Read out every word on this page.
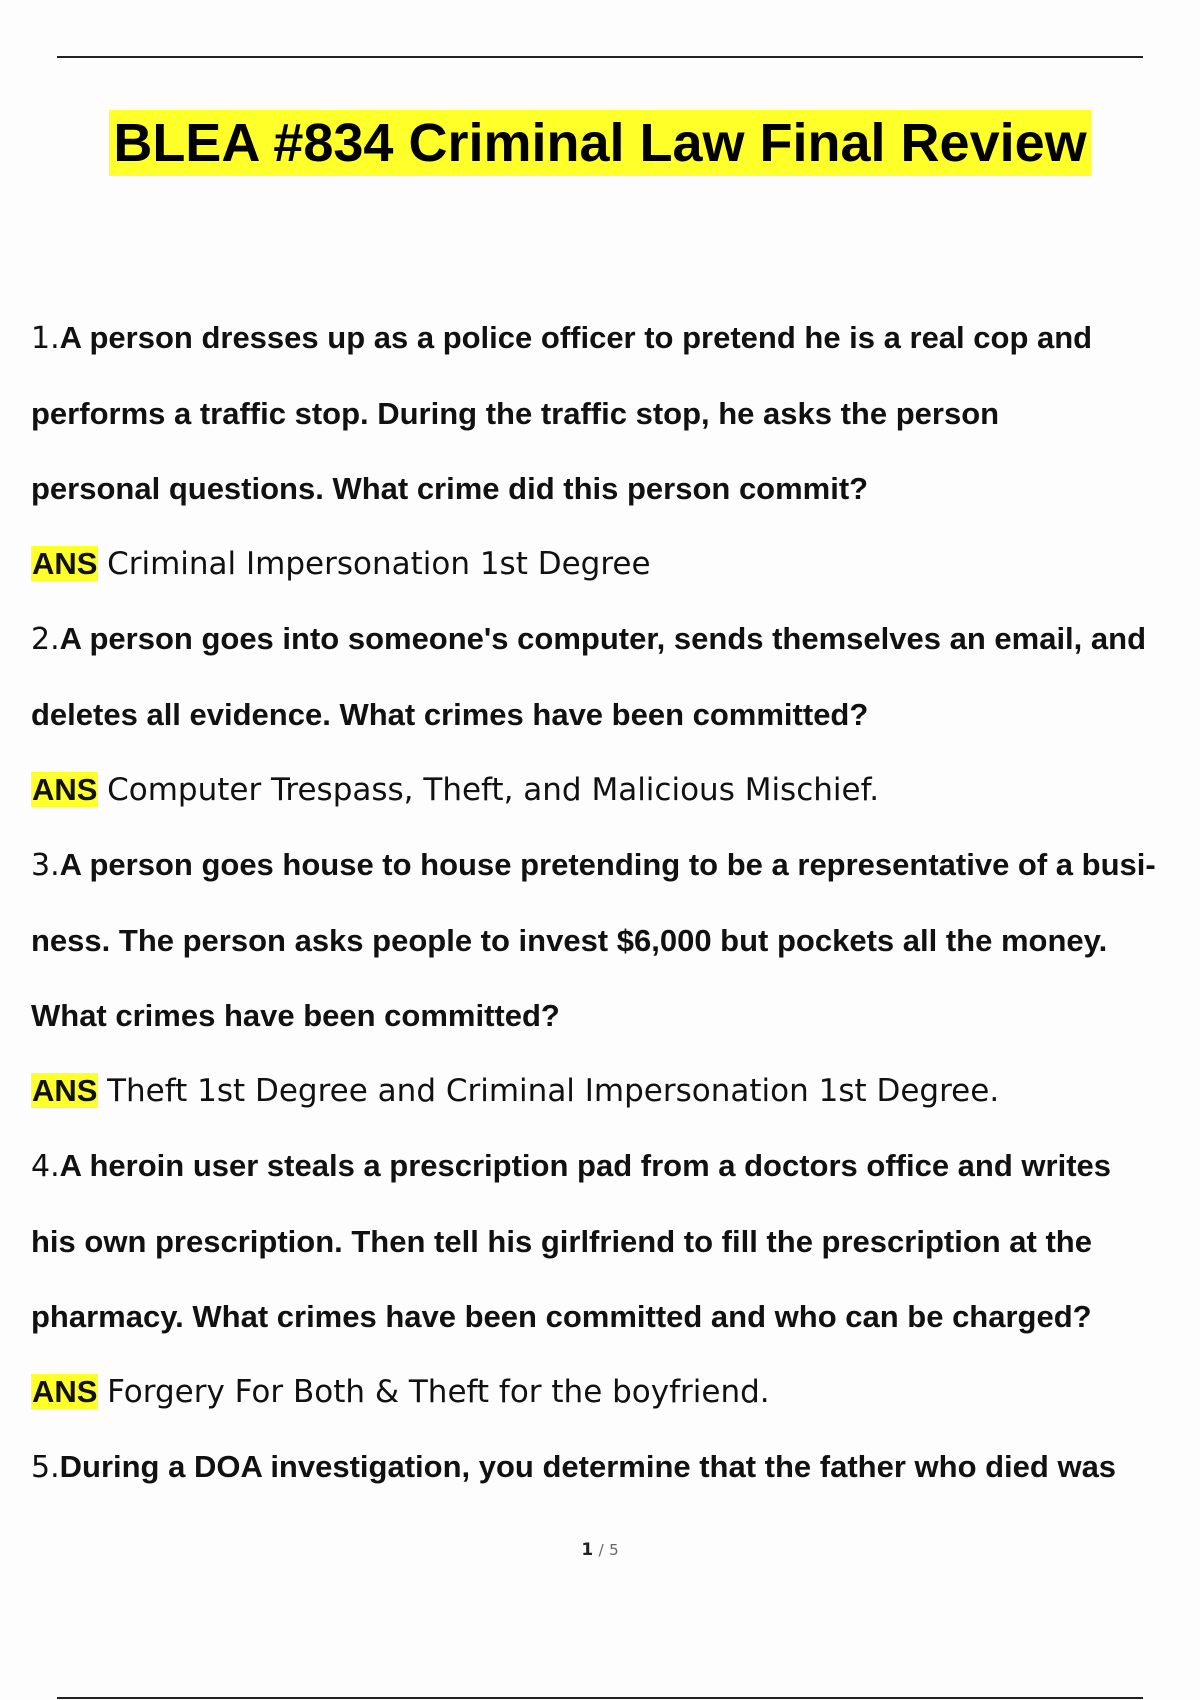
BLEA #834 Criminal Law Final Review

1.A person dresses up as a police officer to pretend he is a real cop and

performs a traffic stop. During the traffic stop, he asks the person

personal questions. What crime did this person commit?

ANS Criminal Impersonation 1st Degree

2.A person goes into someone's computer, sends themselves an email, and

deletes all evidence. What crimes have been committed?

ANS Computer Trespass, Theft, and Malicious Mischief.

3.A person goes house to house pretending to be a representative of a busi-

ness. The person asks people to invest $6,000 but pockets all the money.

What crimes have been committed?

ANS Theft 1st Degree and Criminal Impersonation 1st Degree.

4.A heroin user steals a prescription pad from a doctors office and writes

his own prescription. Then tell his girlfriend to fill the prescription at the

pharmacy. What crimes have been committed and who can be charged?

ANS Forgery For Both & Theft for the boyfriend.

5.During a DOA investigation, you determine that the father who died was

1 / 5
